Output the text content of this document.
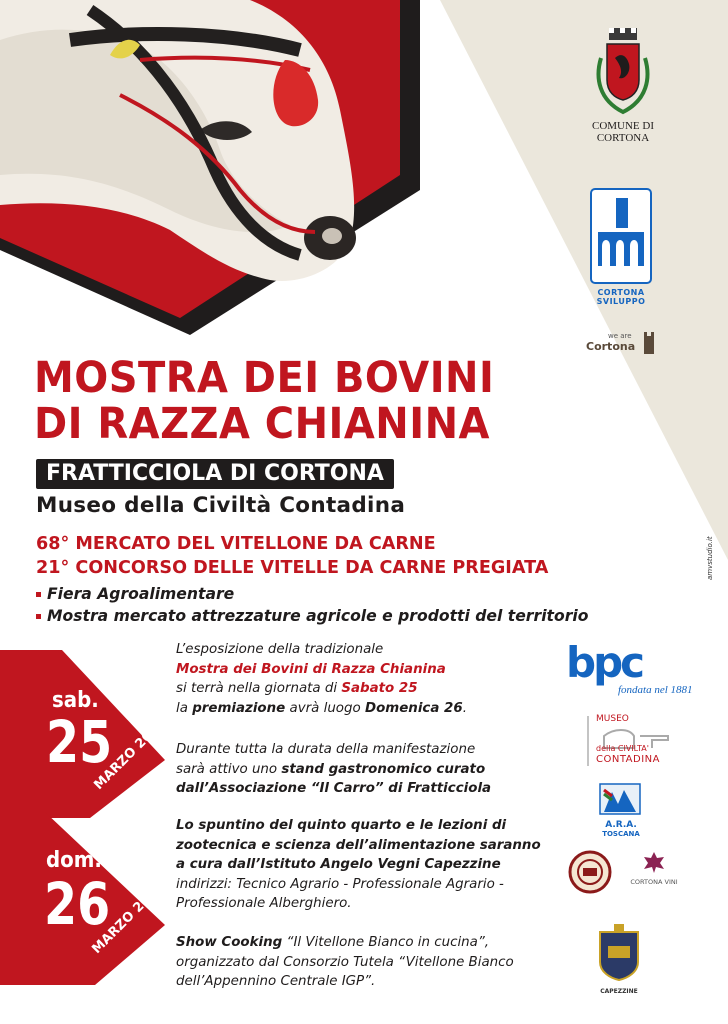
MOSTRA DEI BOVINI
DI RAZZA CHIANINA
FRATTICCIOLA DI CORTONA
Museo della Civiltà Contadina
68° MERCATO DEL VITELLONE DA CARNE
21° CONCORSO DELLE VITELLE DA CARNE PREGIATA
Fiera Agroalimentare
Mostra mercato attrezzature agricole e prodotti del territorio
sab.
25
MARZO 2023
dom.
26
MARZO 2023

L’esposizione della tradizionale

Mostra dei Bovini di Razza Chianina

si terrà nella giornata di Sabato 25

la premiazione avrà luogo Domenica 26.

Durante tutta la durata della manifestazione

sarà attivo uno stand gastronomico curato

dall’Associazione “Il Carro” di Fratticciola

Lo spuntino del quinto quarto e le lezioni di zootecnica e scienza dell’alimentazione saranno a cura dall’Istituto Angelo Vegni Capezzine

indirizzi: Tecnico Agrario - Professionale Agrario - Professionale Alberghiero.

Show Cooking “Il Vitellone Bianco in cucina”, organizzato dal Consorzio Tutela “Vitellone Bianco dell’Appennino Centrale IGP”.

COMUNE DI
CORTONA
CORTONA
SVILUPPO
we are
Cortona
bpc
fondata nel 1881
MUSEO
della CIVILTA'
CONTADINA
A.R.A.
TOSCANA
CORTONA VINI
CAPEZZINE
amvstudio.it
